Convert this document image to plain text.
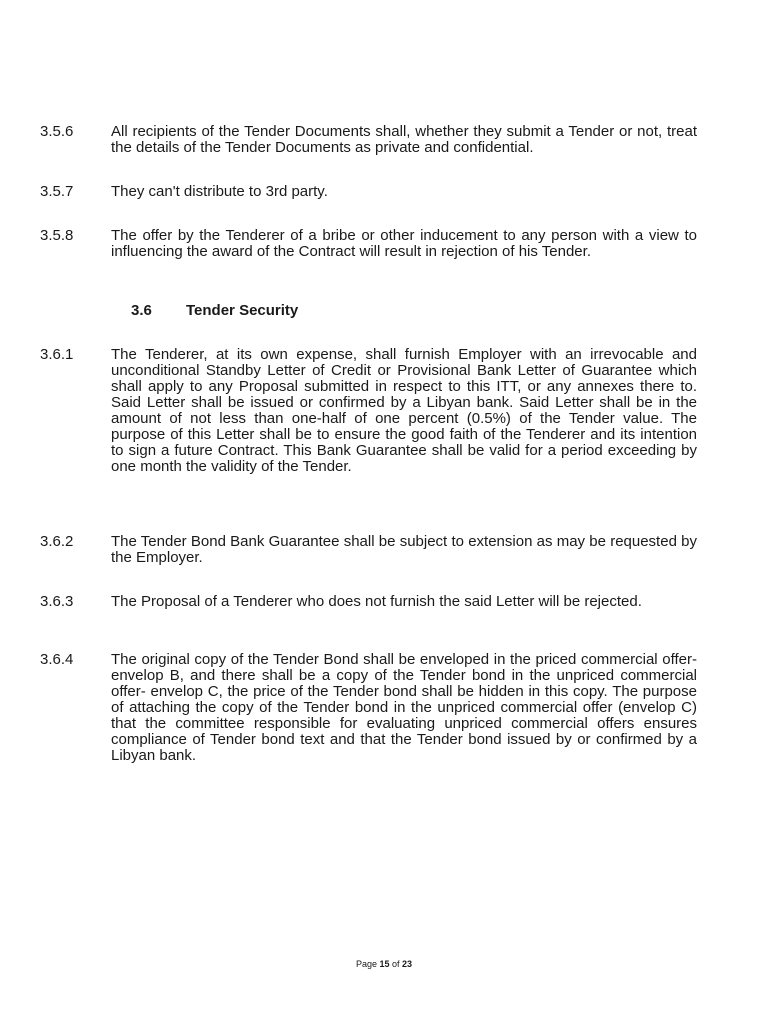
3.5.6	All recipients of the Tender Documents shall, whether they submit a Tender or not, treat the details of the Tender Documents as private and confidential.
3.5.7	They can't distribute to 3rd party.
3.5.8	The offer by the Tenderer of a bribe or other inducement to any person with a view to influencing the award of the Contract will result in rejection of his Tender.
3.6 Tender Security
3.6.1	The Tenderer, at its own expense, shall furnish Employer with an irrevocable and unconditional Standby Letter of Credit or Provisional Bank Letter of Guarantee which shall apply to any Proposal submitted in respect to this ITT, or any annexes there to. Said Letter shall be issued or confirmed by a Libyan bank. Said Letter shall be in the amount of not less than one-half of one percent (0.5%) of the Tender value. The purpose of this Letter shall be to ensure the good faith of the Tenderer and its intention to sign a future Contract. This Bank Guarantee shall be valid for a period exceeding by one month the validity of the Tender.
3.6.2	The Tender Bond Bank Guarantee shall be subject to extension as may be requested by the Employer.
3.6.3	The Proposal of a Tenderer who does not furnish the said Letter will be rejected.
3.6.4	The original copy of the Tender Bond shall be enveloped in the priced commercial offer- envelop B, and there shall be a copy of the Tender bond in the unpriced commercial offer- envelop C, the price of the Tender bond shall be hidden in this copy. The purpose of attaching the copy of the Tender bond in the unpriced commercial offer (envelop C) that the committee responsible for evaluating unpriced commercial offers ensures compliance of Tender bond text and that the Tender bond issued by or confirmed by a Libyan bank.
Page 15 of 23
